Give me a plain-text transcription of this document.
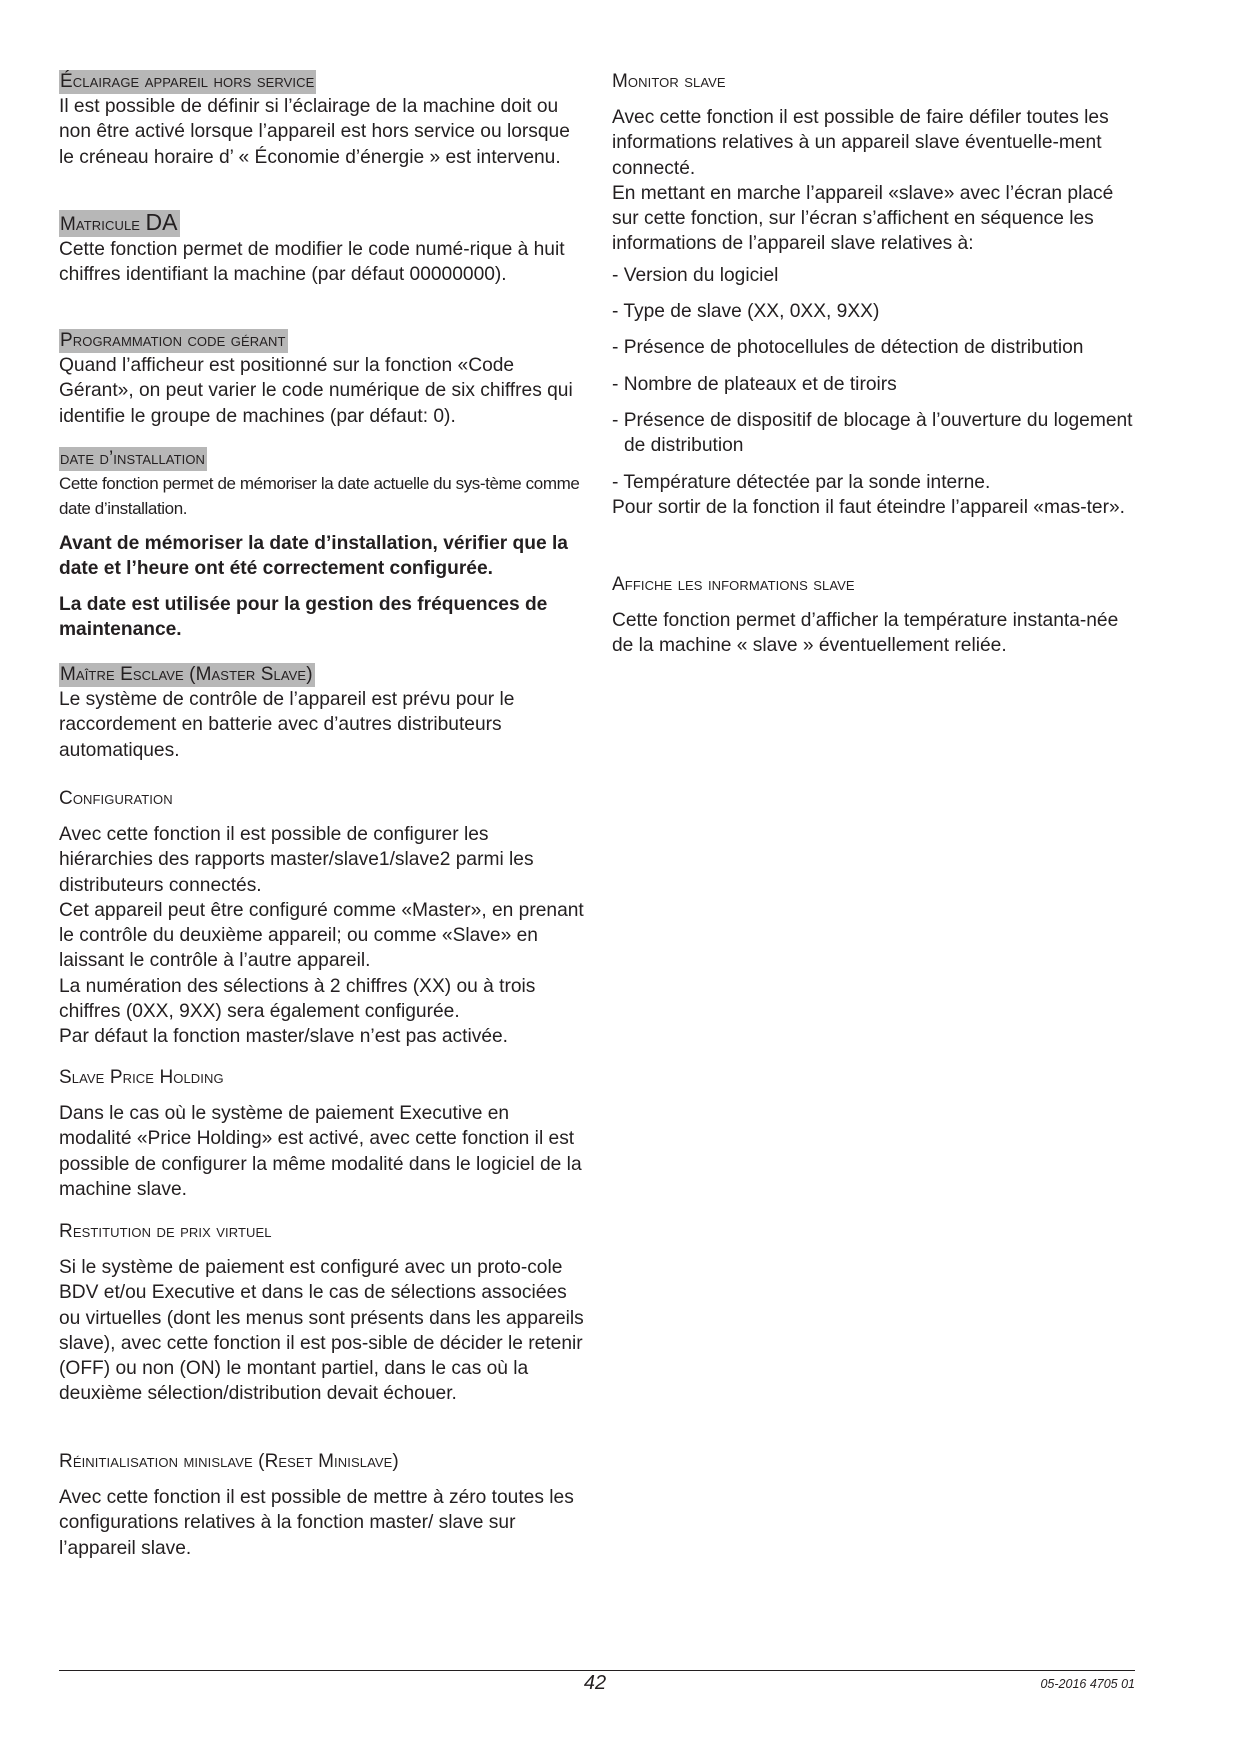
Éclairage appareil hors service

Il est possible de définir si l’éclairage de la machine doit ou non être activé lorsque l’appareil est hors service ou lorsque le créneau horaire d’ « Économie d’énergie » est intervenu.

Matricule DA

Cette fonction permet de modifier le code numé-rique à huit chiffres identifiant la machine (par défaut 00000000).

Programmation code gérant

Quand l’afficheur est positionné sur la fonction «Code Gérant», on peut varier le code numérique de six chiffres qui identifie le groupe de machines (par défaut: 0).

date d’installation

Cette fonction permet de mémoriser la date actuelle du sys-tème comme date d’installation.

Avant de mémoriser la date d’installation, vérifier que la date et l’heure ont été correctement configurée.

La date est utilisée pour la gestion des fréquences de maintenance.

Maître Esclave (Master Slave)

Le système de contrôle de l’appareil est prévu pour le raccordement en batterie avec d’autres distributeurs automatiques.

Configuration

Avec cette fonction il est possible de configurer les hiérarchies des rapports master/slave1/slave2 parmi les distributeurs connectés.

Cet appareil peut être configuré comme «Master», en prenant le contrôle du deuxième appareil; ou comme «Slave» en laissant le contrôle à l’autre appareil.

La numération des sélections à 2 chiffres (XX) ou à trois chiffres (0XX, 9XX) sera également configurée.

Par défaut la fonction master/slave n’est pas activée.

Slave Price Holding

Dans le cas où le système de paiement Executive en modalité «Price Holding» est activé, avec cette fonction il est possible de configurer la même modalité dans le logiciel de la machine slave.

Restitution de prix virtuel

Si le système de paiement est configuré avec un proto-cole BDV et/ou Executive et dans le cas de sélections associées ou virtuelles (dont les menus sont présents dans les appareils slave), avec cette fonction il est pos-sible de décider le retenir (OFF) ou non (ON) le montant partiel, dans le cas où la deuxième sélection/distribution devait échouer.

Réinitialisation minislave (Reset Minislave)

Avec cette fonction il est possible de mettre à zéro toutes les configurations relatives à la fonction master/ slave sur l’appareil slave.

Monitor slave

Avec cette fonction il est possible de faire défiler toutes les informations relatives à un appareil slave éventuelle-ment connecté.

En mettant en marche l’appareil «slave» avec l’écran placé sur cette fonction, sur l’écran s’affichent en séquence les informations de l’appareil slave relatives à:

- Version du logiciel

- Type de slave (XX, 0XX, 9XX)

- Présence de photocellules de détection de distribution

- Nombre de plateaux et de tiroirs

- Présence de dispositif de blocage à l’ouverture du logement de distribution

- Température détectée par la sonde interne.

Pour sortir de la fonction il faut éteindre l’appareil «mas-ter».

Affiche les informations slave

Cette fonction permet d’afficher la température instanta-née de la machine « slave » éventuellement reliée.

42	05-2016 4705 01
